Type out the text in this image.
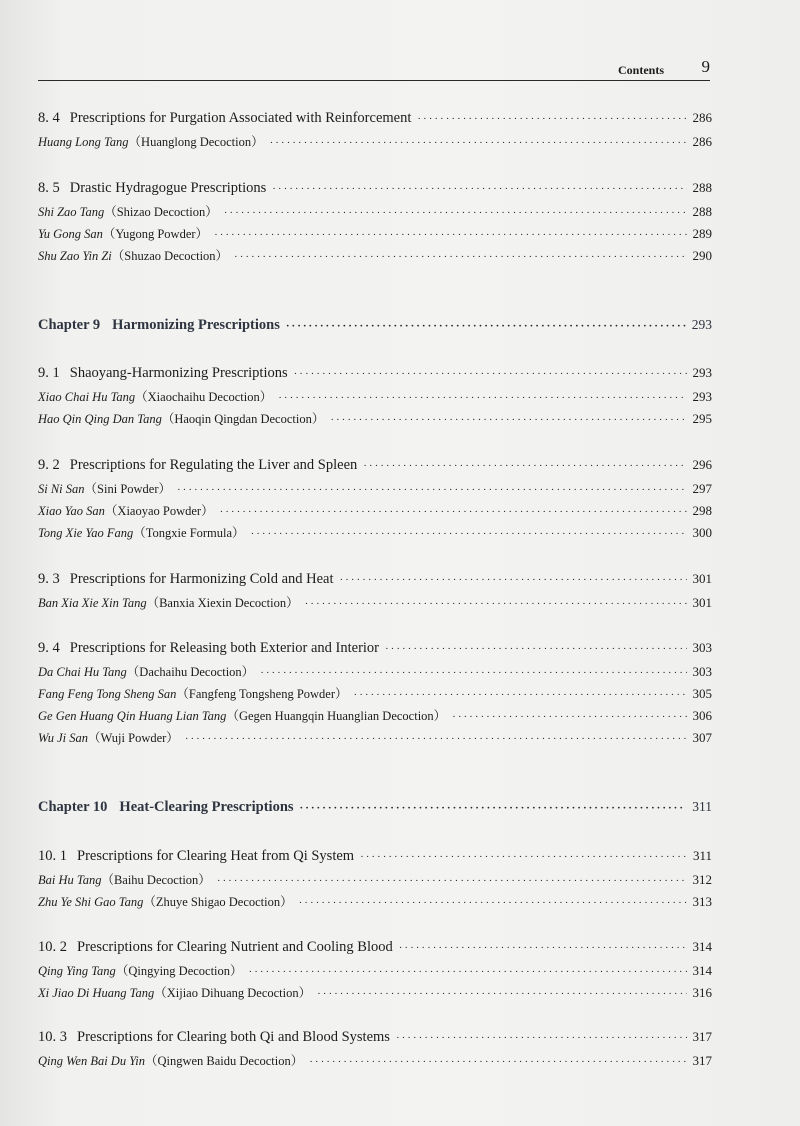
Contents 9
8. 4 Prescriptions for Purgation Associated with Reinforcement ·····	286
Huang Long Tang（Huanglong Decoction） ·····	286
8. 5 Drastic Hydragogue Prescriptions ·····	288
Shi Zao Tang（Shizao Decoction） ·····	288
Yu Gong San（Yugong Powder） ·····	289
Shu Zao Yin Zi（Shuzao Decoction） ·····	290
Chapter 9 Harmonizing Prescriptions ·····	293
9. 1 Shaoyang-Harmonizing Prescriptions ·····	293
Xiao Chai Hu Tang（Xiaochaihu Decoction） ·····	293
Hao Qin Qing Dan Tang（Haoqin Qingdan Decoction） ·····	295
9. 2 Prescriptions for Regulating the Liver and Spleen ·····	296
Si Ni San（Sini Powder） ·····	297
Xiao Yao San（Xiaoyao Powder） ·····	298
Tong Xie Yao Fang（Tongxie Formula） ·····	300
9. 3 Prescriptions for Harmonizing Cold and Heat ·····	301
Ban Xia Xie Xin Tang（Banxia Xiexin Decoction） ·····	301
9. 4 Prescriptions for Releasing both Exterior and Interior ·····	303
Da Chai Hu Tang（Dachaihu Decoction） ·····	303
Fang Feng Tong Sheng San（Fangfeng Tongsheng Powder） ·····	305
Ge Gen Huang Qin Huang Lian Tang（Gegen Huangqin Huanglian Decoction） ·····	306
Wu Ji San（Wuji Powder） ·····	307
Chapter 10 Heat-Clearing Prescriptions ·····	311
10. 1 Prescriptions for Clearing Heat from Qi System ·····	311
Bai Hu Tang（Baihu Decoction） ·····	312
Zhu Ye Shi Gao Tang（Zhuye Shigao Decoction） ·····	313
10. 2 Prescriptions for Clearing Nutrient and Cooling Blood ·····	314
Qing Ying Tang（Qingying Decoction） ·····	314
Xi Jiao Di Huang Tang（Xijiao Dihuang Decoction） ·····	316
10. 3 Prescriptions for Clearing both Qi and Blood Systems ·····	317
Qing Wen Bai Du Yin（Qingwen Baidu Decoction） ·····	317
